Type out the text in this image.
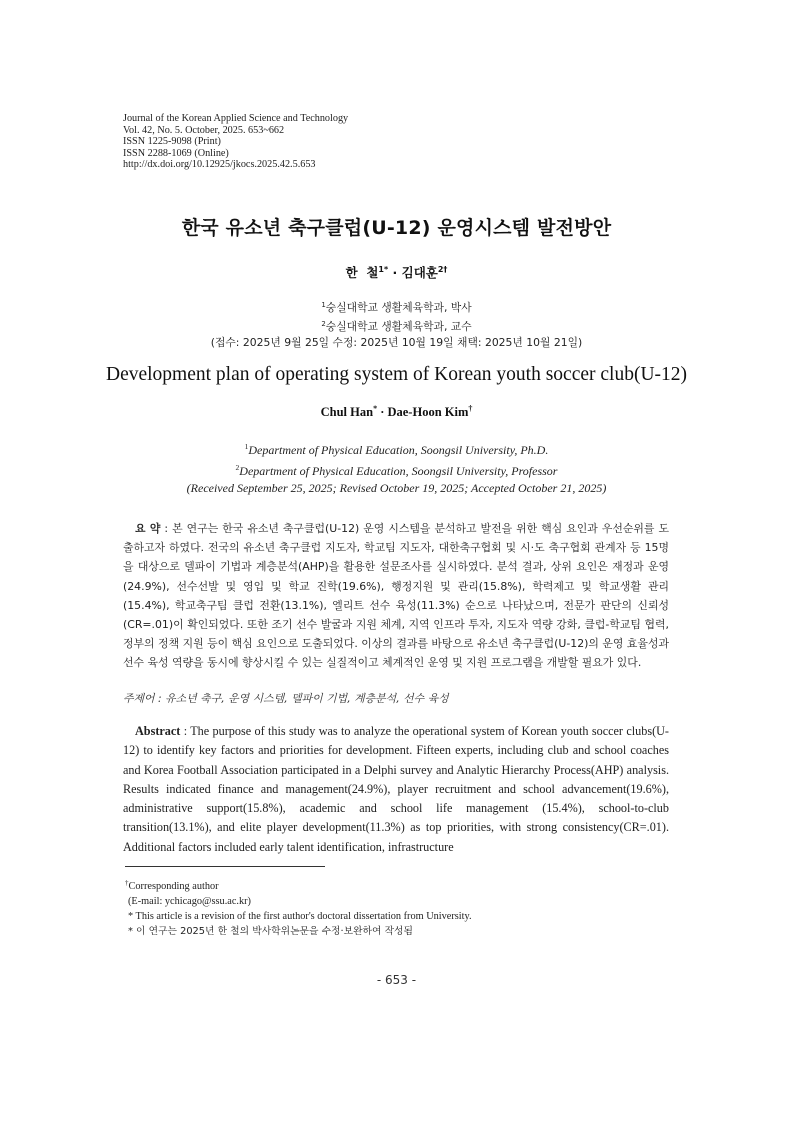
Journal of the Korean Applied Science and Technology
Vol. 42, No. 5. October, 2025. 653~662
ISSN 1225-9098 (Print)
ISSN 2288-1069 (Online)
http://dx.doi.org/10.12925/jkocs.2025.42.5.653
한국 유소년 축구클럽(U-12) 운영시스템 발전방안
한  철$^{1*}$ · 김대훈$^{2\dagger}$
$^1$숭실대학교 생활체육학과, 박사
$^2$숭실대학교 생활체육학과, 교수
(접수: 2025년 9월 25일 수정: 2025년 10월 19일 채택: 2025년 10월 21일)
Development plan of operating system of Korean youth soccer club(U-12)
Chul Han* · Dae-Hoon Kim†
$^1$Department of Physical Education, Soongsil University, Ph.D.
$^2$Department of Physical Education, Soongsil University, Professor
(Received September 25, 2025; Revised October 19, 2025; Accepted October 21, 2025)
요 약 : 본 연구는 한국 유소년 축구클럽(U-12) 운영 시스템을 분석하고 발전을 위한 핵심 요인과 우선순위를 도출하고자 하였다. 전국의 유소년 축구클럽 지도자, 학교팀 지도자, 대한축구협회 및 시·도 축구협회 관계자 등 15명을 대상으로 델파이 기법과 계층분석(AHP)을 활용한 설문조사를 실시하였다. 분석 결과, 상위 요인은 재정과 운영(24.9%), 선수선발 및 영입 및 학교 진학(19.6%), 행정지원 및 관리(15.8%), 학력제고 및 학교생활 관리(15.4%), 학교축구팀 클럽 전환(13.1%), 엘리트 선수 육성(11.3%) 순으로 나타났으며, 전문가 판단의 신뢰성(CR=.01)이 확인되었다. 또한 조기 선수 발굴과 지원 체계, 지역 인프라 투자, 지도자 역량 강화, 클럽-학교팀 협력, 정부의 정책 지원 등이 핵심 요인으로 도출되었다. 이상의 결과를 바탕으로 유소년 축구클럽(U-12)의 운영 효율성과 선수 육성 역량을 동시에 향상시킬 수 있는 실질적이고 체계적인 운영 및 지원 프로그램을 개발할 필요가 있다.
주제어 : 유소년 축구, 운영 시스템, 델파이 기법, 계층분석, 선수 육성
Abstract : The purpose of this study was to analyze the operational system of Korean youth soccer clubs(U-12) to identify key factors and priorities for development. Fifteen experts, including club and school coaches and Korea Football Association participated in a Delphi survey and Analytic Hierarchy Process(AHP) analysis. Results indicated finance and management(24.9%), player recruitment and school advancement(19.6%), administrative support(15.8%), academic and school life management (15.4%), school-to-club transition(13.1%), and elite player development(11.3%) as top priorities, with strong consistency(CR=.01). Additional factors included early talent identification, infrastructure
†Corresponding author
(E-mail: ychicago@ssu.ac.kr)
* This article is a revision of the first author's doctoral dissertation from University.
* 이 연구는 2025년 한 철의 박사학위논문을 수정·보완하여 작성됨
- 653 -
